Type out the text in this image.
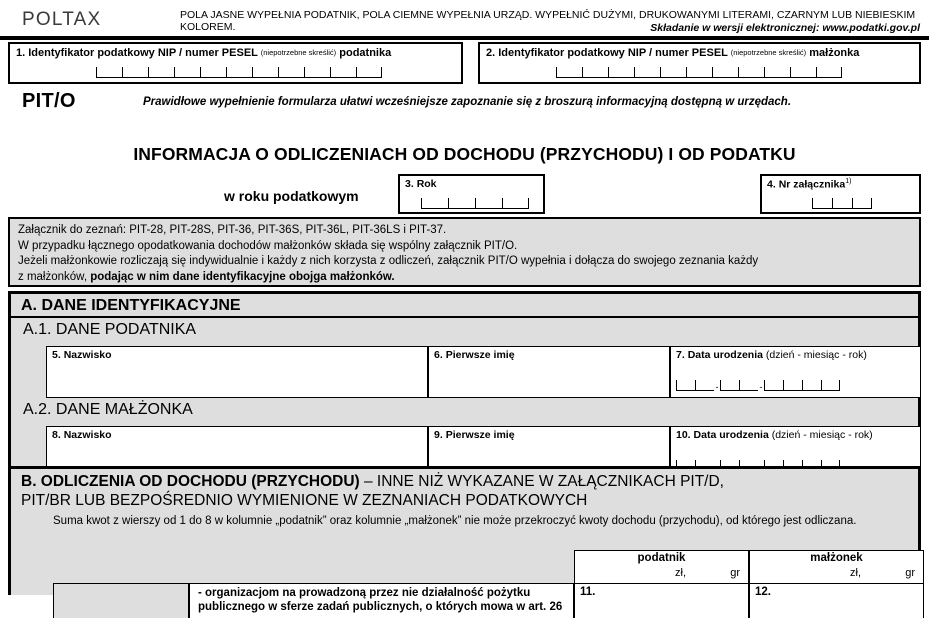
POLTAX	POLA JASNE WYPEŁNIA PODATNIK, POLA CIEMNE WYPEŁNIA URZĄD. WYPEŁNIĆ DUŻYMI, DRUKOWANYMI LITERAMI, CZARNYM LUB NIEBIESKIM KOLOREM.	Składanie w wersji elektronicznej: www.podatki.gov.pl
1. Identyfikator podatkowy NIP / numer PESEL (niepotrzebne skreślić) podatnika	2. Identyfikator podatkowy NIP / numer PESEL (niepotrzebne skreślić) małżonka
PIT/O	Prawidłowe wypełnienie formularza ułatwi wcześniejsze zapoznanie się z broszurą informacyjną dostępną w urzędach.
INFORMACJA O ODLICZENIACH OD DOCHODU (PRZYCHODU) I OD PODATKU
w roku podatkowym
3. Rok	4. Nr załącznika$^{1)}$
Załącznik do zeznań: PIT-28, PIT-28S, PIT-36, PIT-36S, PIT-36L, PIT-36LS i PIT-37.
W przypadku łącznego opodatkowania dochodów małżonków składa się wspólny załącznik PIT/O.
Jeżeli małżonkowie rozliczają się indywidualnie i każdy z nich korzysta z odliczeń, załącznik PIT/O wypełnia i dołącza do swojego zeznania każdy
z małżonków, podając w nim dane identyfikacyjne obojga małżonków.
A. DANE IDENTYFIKACYJNE
A.1. DANE PODATNIKA
5. Nazwisko	6. Pierwsze imię	7. Data urodzenia (dzień - miesiąc - rok)
-	-
A.2. DANE MAŁŻONKA
8. Nazwisko	9. Pierwsze imię	10. Data urodzenia (dzień - miesiąc - rok)
B. ODLICZENIA OD DOCHODU (PRZYCHODU) – INNE NIŻ WYKAZANE W ZAŁĄCZNIKACH PIT/D,
PIT/BR LUB BEZPOŚREDNIO WYMIENIONE W ZEZNANIACH PODATKOWYCH
Suma kwot z wierszy od 1 do 8 w kolumnie „podatnik” oraz kolumnie „małżonek” nie może przekroczyć kwoty dochodu (przychodu), od którego jest odliczana.
podatnik
zł,	gr
małżonek
zł,	gr
- organizacjom na prowadzoną przez nie działalność pożytku
publicznego w sferze zadań publicznych, o których mowa w art. 26
11.	12.
